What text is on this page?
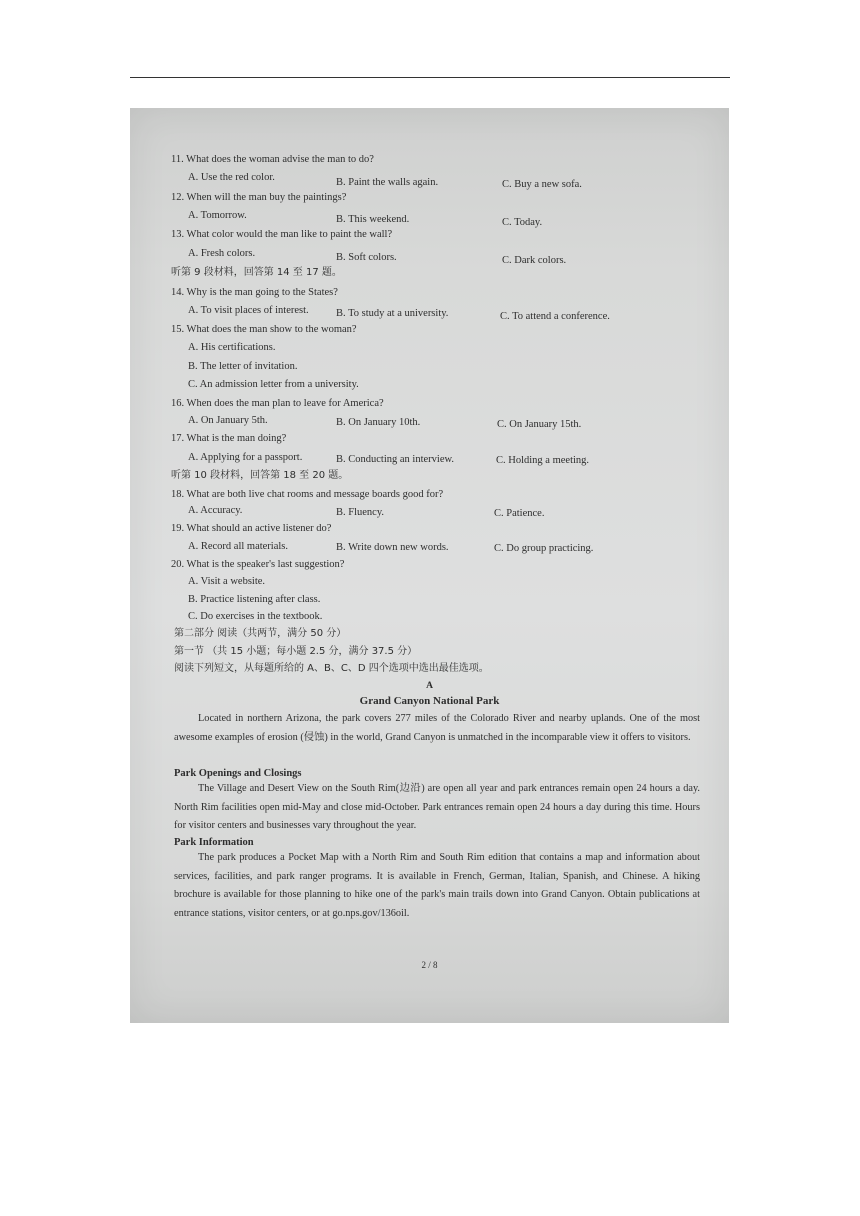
11. What does the woman advise the man to do?
A. Use the red color.	B. Paint the walls again.	C. Buy a new sofa.
12. When will the man buy the paintings?
A. Tomorrow.	B. This weekend.	C. Today.
13. What color would the man like to paint the wall?
A. Fresh colors.	B. Soft colors.	C. Dark colors.
听第 9 段材料，回答第 14 至 17 题。
14. Why is the man going to the States?
A. To visit places of interest.	B. To study at a university.	C. To attend a conference.
15. What does the man show to the woman?
A. His certifications.
B. The letter of invitation.
C. An admission letter from a university.
16. When does the man plan to leave for America?
A. On January 5th.	B. On January 10th.	C. On January 15th.
17. What is the man doing?
A. Applying for a passport.	B. Conducting an interview.	C. Holding a meeting.
听第 10 段材料，回答第 18 至 20 题。
18. What are both live chat rooms and message boards good for?
A. Accuracy.	B. Fluency.	C. Patience.
19. What should an active listener do?
A. Record all materials.	B. Write down new words.	C. Do group practicing.
20. What is the speaker's last suggestion?
A. Visit a website.
B. Practice listening after class.
C. Do exercises in the textbook.
第二部分 阅读（共两节，满分 50 分）
第一节 （共 15 小题；每小题 2.5 分，满分 37.5 分）
阅读下列短文，从每题所给的 A、B、C、D 四个选项中选出最佳选项。
A
Grand Canyon National Park
Located in northern Arizona, the park covers 277 miles of the Colorado River and nearby uplands. One of the most awesome examples of erosion (侵蚀) in the world, Grand Canyon is unmatched in the incomparable view it offers to visitors.
Park Openings and Closings
The Village and Desert View on the South Rim(边沿) are open all year and park entrances remain open 24 hours a day. North Rim facilities open mid-May and close mid-October. Park entrances remain open 24 hours a day during this time. Hours for visitor centers and businesses vary throughout the year.
Park Information
The park produces a Pocket Map with a North Rim and South Rim edition that contains a map and information about services, facilities, and park ranger programs. It is available in French, German, Italian, Spanish, and Chinese. A hiking brochure is available for those planning to hike one of the park's main trails down into Grand Canyon. Obtain publications at entrance stations, visitor centers, or at go.nps.gov/136oil.
2 / 8
